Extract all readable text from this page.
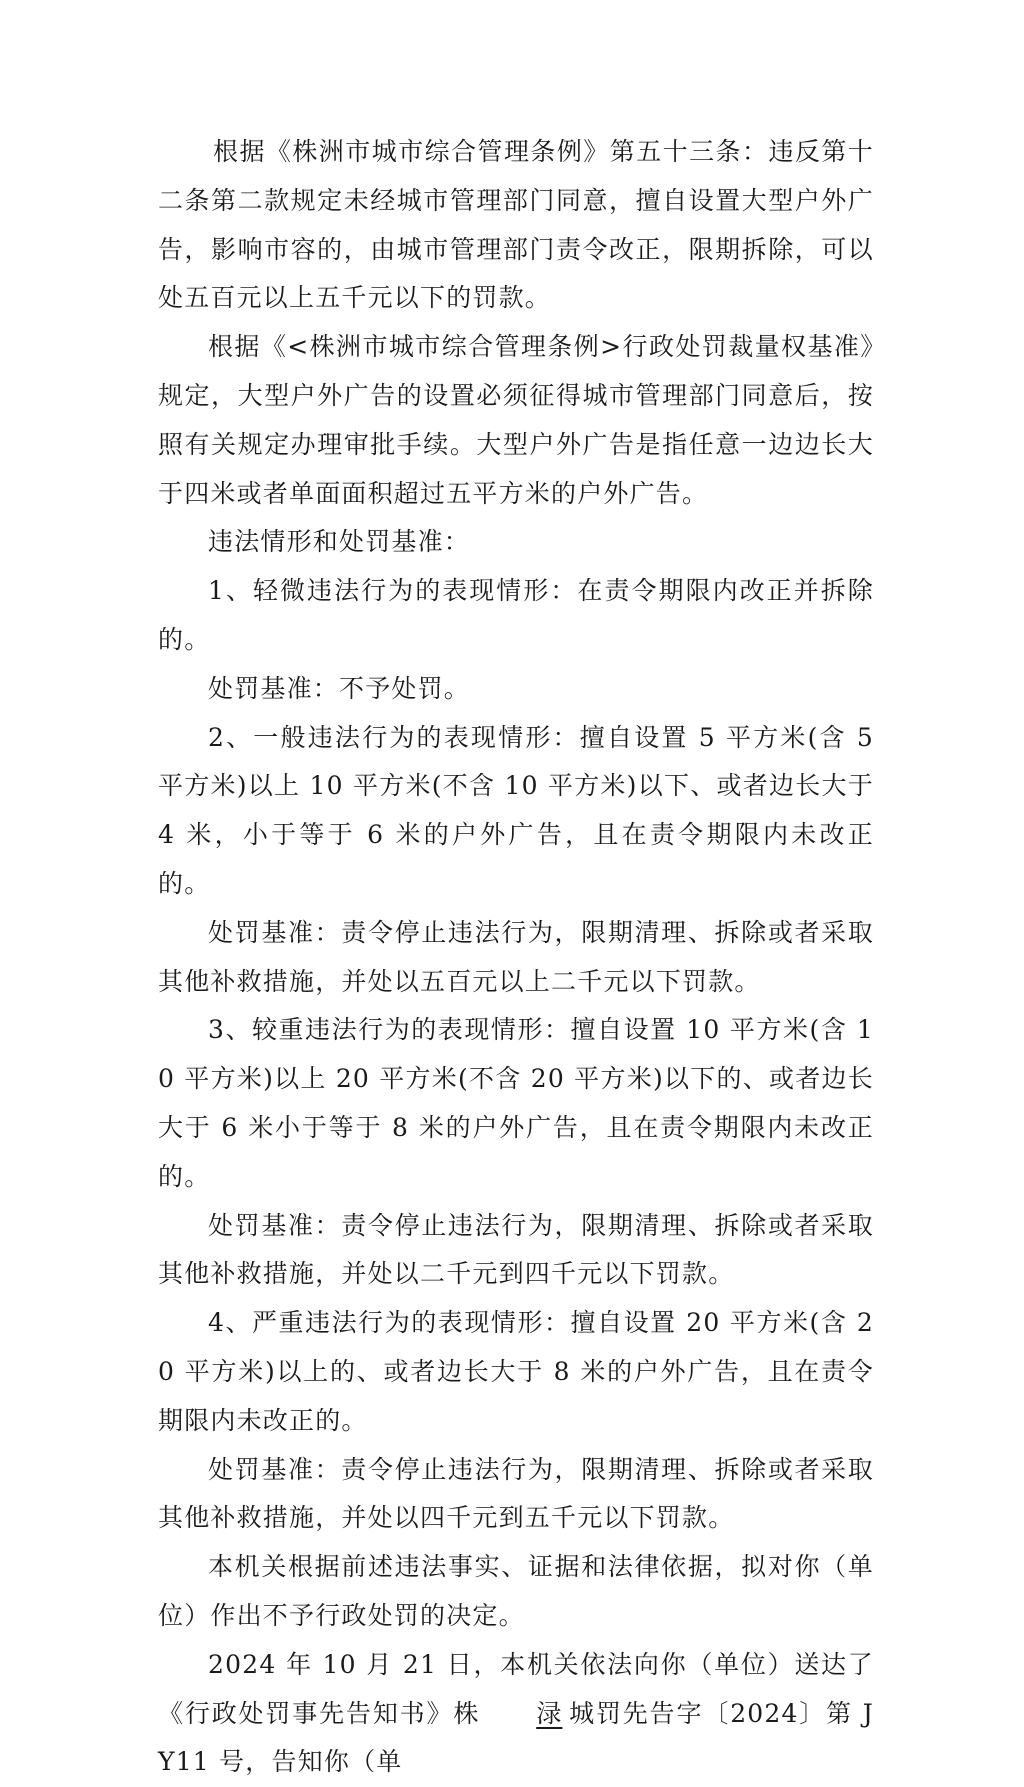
根据《株洲市城市综合管理条例》第五十三条：违反第十二条第二款规定未经城市管理部门同意，擅自设置大型户外广告，影响市容的，由城市管理部门责令改正，限期拆除，可以处五百元以上五千元以下的罚款。

根据《<株洲市城市综合管理条例>行政处罚裁量权基准》规定，大型户外广告的设置必须征得城市管理部门同意后，按照有关规定办理审批手续。大型户外广告是指任意一边边长大于四米或者单面面积超过五平方米的户外广告。

违法情形和处罚基准：

1、轻微违法行为的表现情形：在责令期限内改正并拆除的。

处罚基准：不予处罚。

2、一般违法行为的表现情形：擅自设置 5 平方米(含 5 平方米)以上 10 平方米(不含 10 平方米)以下、或者边长大于 4 米，小于等于 6 米的户外广告，且在责令期限内未改正的。

处罚基准：责令停止违法行为，限期清理、拆除或者采取其他补救措施，并处以五百元以上二千元以下罚款。

3、较重违法行为的表现情形：擅自设置 10 平方米(含 10 平方米)以上 20 平方米(不含 20 平方米)以下的、或者边长大于 6 米小于等于 8 米的户外广告，且在责令期限内未改正的。

处罚基准：责令停止违法行为，限期清理、拆除或者采取其他补救措施，并处以二千元到四千元以下罚款。

4、严重违法行为的表现情形：擅自设置 20 平方米(含 20 平方米)以上的、或者边长大于 8 米的户外广告，且在责令期限内未改正的。

处罚基准：责令停止违法行为，限期清理、拆除或者采取其他补救措施，并处以四千元到五千元以下罚款。

本机关根据前述违法事实、证据和法律依据，拟对你（单位）作出不予行政处罚的决定。

2024 年 10 月 21 日，本机关依法向你（单位）送达了《行政处罚事先告知书》株 渌 城罚先告字〔2024〕第 JY11 号，告知你（单
